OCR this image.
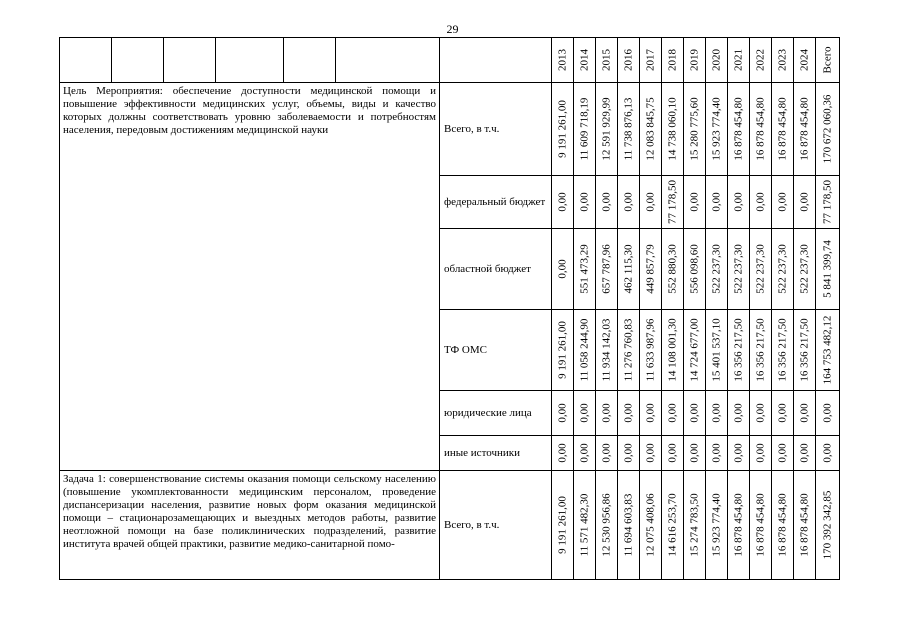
29

							2013	2014	2015	2016	2017	2018	2019	2020	2021	2022	2023	2024	Всего

Цель Мероприятия: обеспечение доступности медицинской помощи и повышение эффективности медицинских услуг, объемы, виды и качество которых должны соответствовать уровню заболеваемости и потребностям населения, передовым достижениям медицинской науки						Всего, в т.ч.	9 191 261,00	11 609 718,19	12 591 929,99	11 738 876,13	12 083 845,75	14 738 060,10	15 280 775,60	15 923 774,40	16 878 454,80	16 878 454,80	16 878 454,80	16 878 454,80	170 672 060,36

						федеральный бюджет	0,00	0,00	0,00	0,00	0,00	77 178,50	0,00	0,00	0,00	0,00	0,00	0,00	77 178,50

						областной бюджет	0,00	551 473,29	657 787,96	462 115,30	449 857,79	552 880,30	556 098,60	522 237,30	522 237,30	522 237,30	522 237,30	522 237,30	5 841 399,74

						ТФ ОМС	9 191 261,00	11 058 244,90	11 934 142,03	11 276 760,83	11 633 987,96	14 108 001,30	14 724 677,00	15 401 537,10	16 356 217,50	16 356 217,50	16 356 217,50	16 356 217,50	164 753 482,12

						юридические лица	0,00	0,00	0,00	0,00	0,00	0,00	0,00	0,00	0,00	0,00	0,00	0,00	0,00

						иные источники	0,00	0,00	0,00	0,00	0,00	0,00	0,00	0,00	0,00	0,00	0,00	0,00	0,00

Задача 1: совершенствование системы оказания помощи сельскому населению (повышение укомплектованности медицинским персоналом, проведение диспансеризации населения, развитие новых форм оказания медицинской помощи – стационарозамещающих и выездных методов работы, развитие неотложной помощи на базе поликлинических подразделений, развитие института врачей общей практики, развитие медико-санитарной помо-						Всего, в т.ч.	9 191 261,00	11 571 482,30	12 530 956,86	11 694 603,83	12 075 408,06	14 616 253,70	15 274 783,50	15 923 774,40	16 878 454,80	16 878 454,80	16 878 454,80	16 878 454,80	170 392 342,85
